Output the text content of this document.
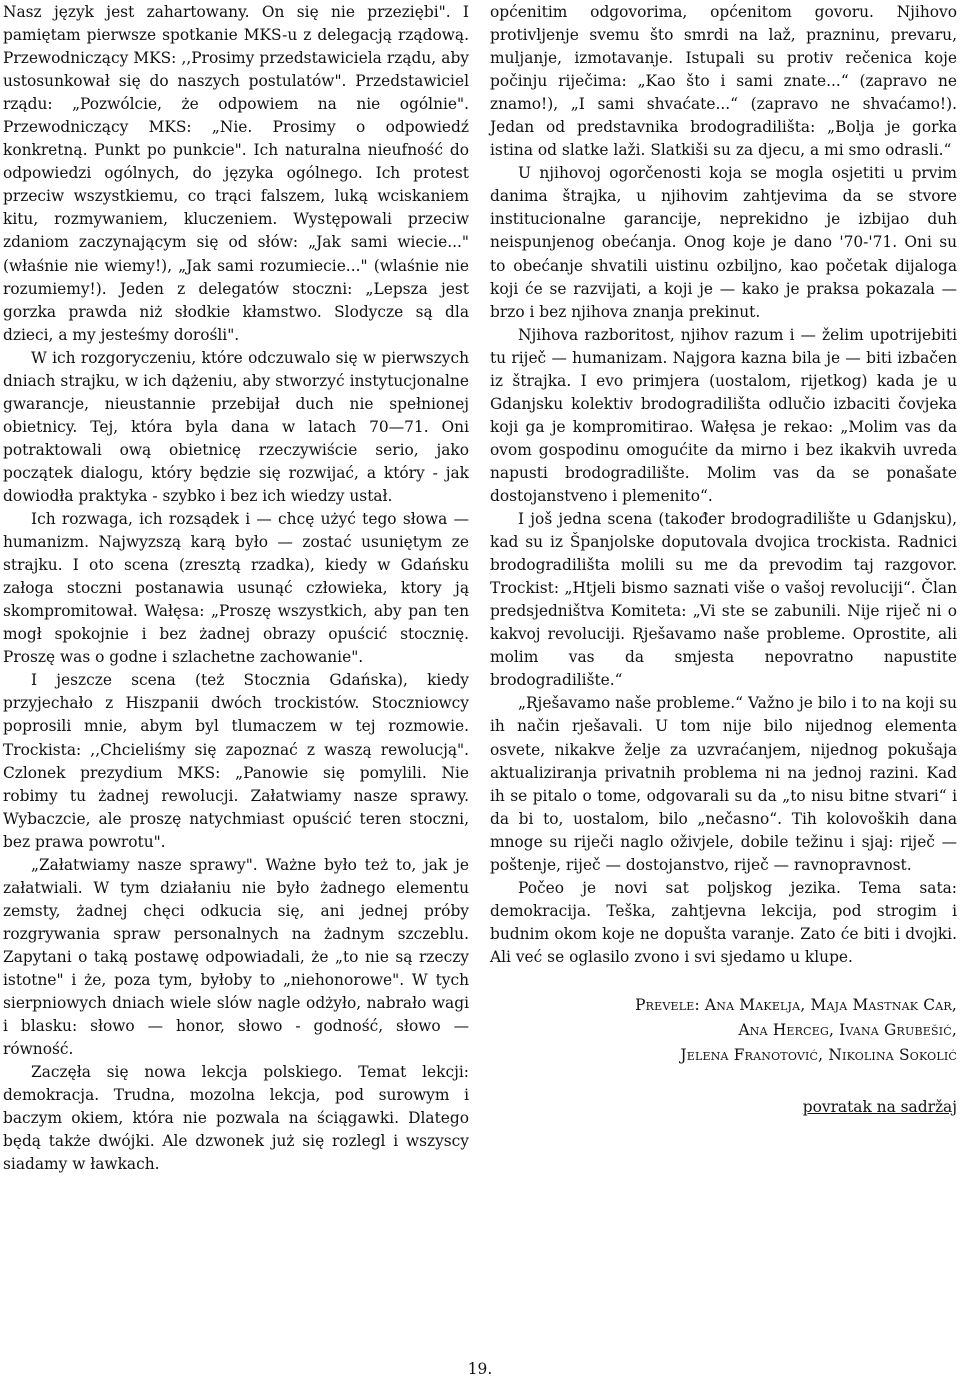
Nasz język jest zahartowany. On się nie przeziębi". I pamiętam pierwsze spotkanie MKS-u z delegacją rządową. Przewodniczący MKS: ,,Prosimy przedstawiciela rządu, aby ustosunkował się do naszych postulatów". Przedstawiciel rządu: „Pozwólcie, że odpowiem na nie ogólnie". Przewodniczący MKS: „Nie. Prosimy o odpowiedź konkretną. Punkt po punkcie". Ich naturalna nieufność do odpowiedzi ogólnych, do języka ogólnego. Ich protest przeciw wszystkiemu, co trąci falszem, luką wciskaniem kitu, rozmywaniem, kluczeniem. Występowali przeciw zdaniom zaczynającym się od słów: „Jak sami wiecie..." (właśnie nie wiemy!), „Jak sami rozumiecie..." (wlaśnie nie rozumiemy!). Jeden z delegatów stoczni: „Lepsza jest gorzka prawda niż słodkie kłamstwo. Slodycze są dla dzieci, a my jesteśmy dorośli".

W ich rozgoryczeniu, które odczuwalo się w pierwszych dniach strajku, w ich dążeniu, aby stworzyć instytucjonalne gwarancje, nieustannie przebijał duch nie spełnionej obietnicy. Tej, która byla dana w latach 70—71. Oni potraktowali ową obietnicę rzeczywiście serio, jako początek dialogu, który będzie się rozwijać, a który - jak dowiodła praktyka - szybko i bez ich wiedzy ustał.

Ich rozwaga, ich rozsądek i — chcę użyć tego słowa — humanizm. Najwyzszą karą było — zostać usuniętym ze strajku. I oto scena (zresztą rzadka), kiedy w Gdańsku załoga stoczni postanawia usunąć człowieka, ktory ją skompromitował. Wałęsa: „Proszę wszystkich, aby pan ten mogł spokojnie i bez żadnej obrazy opuścić stocznię. Proszę was o godne i szlachetne zachowanie".

I jeszcze scena (też Stocznia Gdańska), kiedy przyjechało z Hiszpanii dwóch trockistów. Stoczniowcy poprosili mnie, abym byl tlumaczem w tej rozmowie. Trockista: ,,Chcieliśmy się zapoznać z waszą rewolucją". Czlonek prezydium MKS: „Panowie się pomylili. Nie robimy tu żadnej rewolucji. Załatwiamy nasze sprawy. Wybaczcie, ale proszę natychmiast opuścić teren stoczni, bez prawa powrotu".

„Załatwiamy nasze sprawy". Ważne było też to, jak je załatwiali. W tym działaniu nie było żadnego elementu zemsty, żadnej chęci odkucia się, ani jednej próby rozgrywania spraw personalnych na żadnym szczeblu. Zapytani o taką postawę odpowiadali, że „to nie są rzeczy istotne" i że, poza tym, byłoby to „niehonorowe". W tych sierpniowych dniach wiele slów nagle odżyło, nabrało wagi i blasku: słowo — honor, słowo - godność, słowo — równość.

Zaczęła się nowa lekcja polskiego. Temat lekcji: demokracja. Trudna, mozolna lekcja, pod surowym i baczym okiem, która nie pozwala na ściągawki. Dlatego będą także dwójki. Ale dzwonek już się rozlegl i wszyscy siadamy w ławkach.

općenitim odgovorima, općenitom govoru. Njihovo protivljenje svemu što smrdi na laž, prazninu, prevaru, muljanje, izmotavanje. Istupali su protiv rečenica koje počinju riječima: „Kao što i sami znate...“ (zapravo ne znamo!), „I sami shvaćate...“ (zapravo ne shvaćamo!). Jedan od predstavnika brodogradilišta: „Bolja je gorka istina od slatke laži. Slatkiši su za djecu, a mi smo odrasli.“

U njihovoj ogorčenosti koja se mogla osjetiti u prvim danima štrajka, u njihovim zahtjevima da se stvore institucionalne garancije, neprekidno je izbijao duh neispunjenog obećanja. Onog koje je dano '70-'71. Oni su to obećanje shvatili uistinu ozbiljno, kao početak dijaloga koji će se razvijati, a koji je — kako je praksa pokazala — brzo i bez njihova znanja prekinut.

Njihova razboritost, njihov razum i — želim upotrijebiti tu riječ — humanizam. Najgora kazna bila je — biti izbačen iz štrajka. I evo primjera (uostalom, rijetkog) kada je u Gdanjsku kolektiv brodogradilišta odlučio izbaciti čovjeka koji ga je kompromitirao. Wałęsa je rekao: „Molim vas da ovom gospodinu omogućite da mirno i bez ikakvih uvreda napusti brodogradilište. Molim vas da se ponašate dostojanstveno i plemenito“.

I još jedna scena (također brodogradilište u Gdanjsku), kad su iz Španjolske doputovala dvojica trockista. Radnici brodogradilišta molili su me da prevodim taj razgovor. Trockist: „Htjeli bismo saznati više o vašoj revoluciji“. Član predsjedništva Komiteta: „Vi ste se zabunili. Nije riječ ni o kakvoj revoluciji. Rješavamo naše probleme. Oprostite, ali molim vas da smjesta nepovratno napustite brodogradilište.“

„Rješavamo naše probleme.“ Važno je bilo i to na koji su ih način rješavali. U tom nije bilo nijednog elementa osvete, nikakve želje za uzvraćanjem, nijednog pokušaja aktualiziranja privatnih problema ni na jednoj razini. Kad ih se pitalo o tome, odgovarali su da „to nisu bitne stvari“ i da bi to, uostalom, bilo „nečasno“. Tih kolovoških dana mnoge su riječi naglo oživjele, dobile težinu i sjaj: riječ — poštenje, riječ — dostojanstvo, riječ — ravnopravnost.

Počeo je novi sat poljskog jezika. Tema sata: demokracija. Teška, zahtjevna lekcija, pod strogim i budnim okom koje ne dopušta varanje. Zato će biti i dvojki. Ali već se oglasilo zvono i svi sjedamo u klupe.

Prevele: Ana Makelja, Maja Mastnak Car,
Ana Herceg, Ivana Grubešić,
Jelena Franotović, Nikolina Sokolić
povratak na sadržaj
19.
